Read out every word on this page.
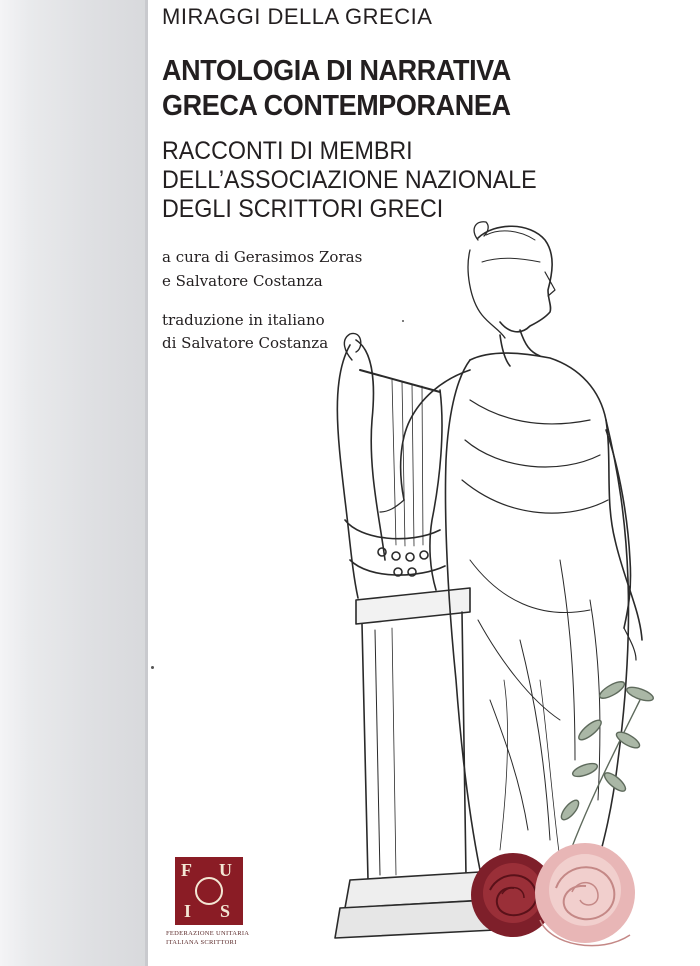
MIRAGGI DELLA GRECIA
ANTOLOGIA DI NARRATIVA
GRECA CONTEMPORANEA
RACCONTI DI MEMBRI
DELL’ASSOCIAZIONE NAZIONALE
DEGLI SCRITTORI GRECI
a cura di Gerasimos Zoras
e Salvatore Costanza
traduzione in italiano
di Salvatore Costanza
F U
I S
FEDERAZIONE UNITARIA
ITALIANA SCRITTORI
